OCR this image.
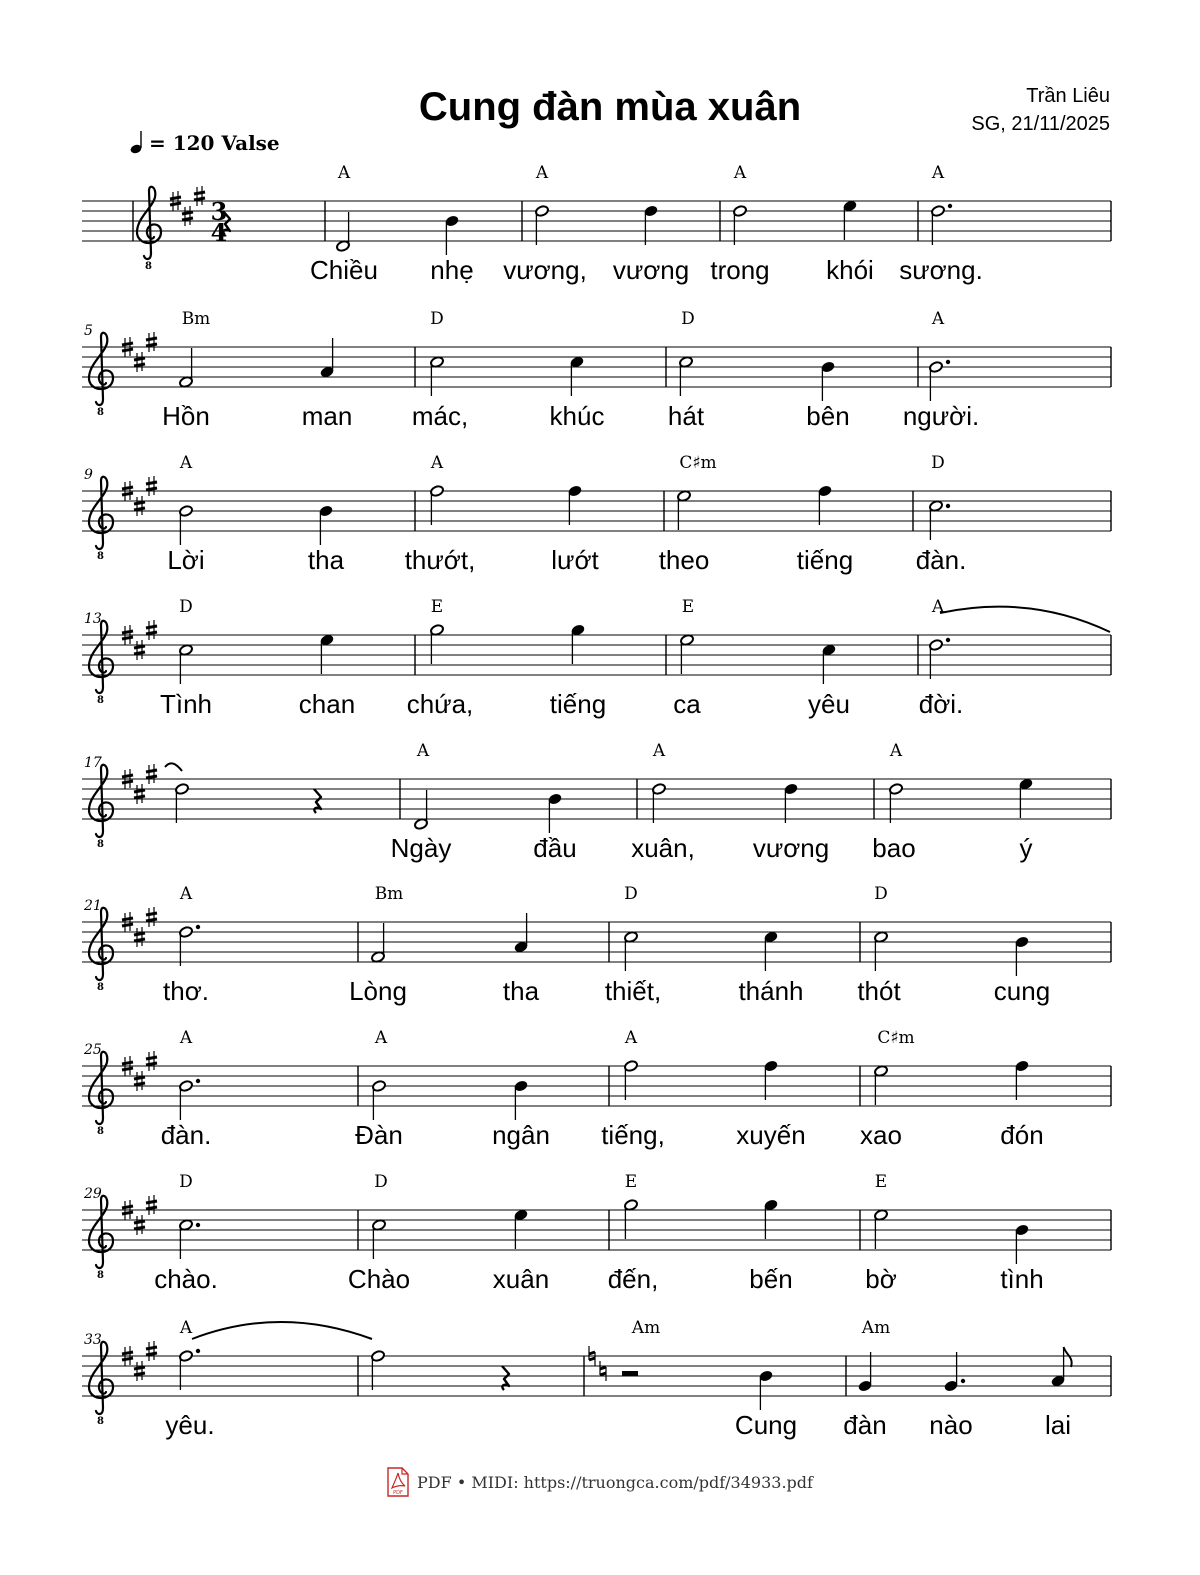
Cung đàn mùa xuân	Trần Liêu
SG, 21/11/2025
= 120 Valse
8
3
4
A	A	A	A
Chiều nhẹ vương, vương trong khói sương.
8
5
Bm	D	D	A
Hồn	man mác,	khúc hát	bên người.
8
9
A	A	C♯m	D
Lời	tha thướt,	lướt theo	tiếng đàn.
8
13
D	E	E	A
Tình	chan chứa,	tiếng	ca	yêu	đời.
8
17
A	A	A
Ngày	đầu xuân, vương bao	ý
8
21
A	Bm	D	D
thơ.	Lòng	tha	thiết,	thánh thót	cung
8
25
A	A	A	C♯m
đàn.	Đàn	ngân tiếng,	xuyến xao	đón
8
29
D	D	E	E
chào.	Chào	xuân đến,	bến	bờ	tình
8
33
A	Am	Am
yêu.	Cung đàn nào	lai
PDF
PDF • MIDI: https://truongca.com/pdf/34933.pdf
